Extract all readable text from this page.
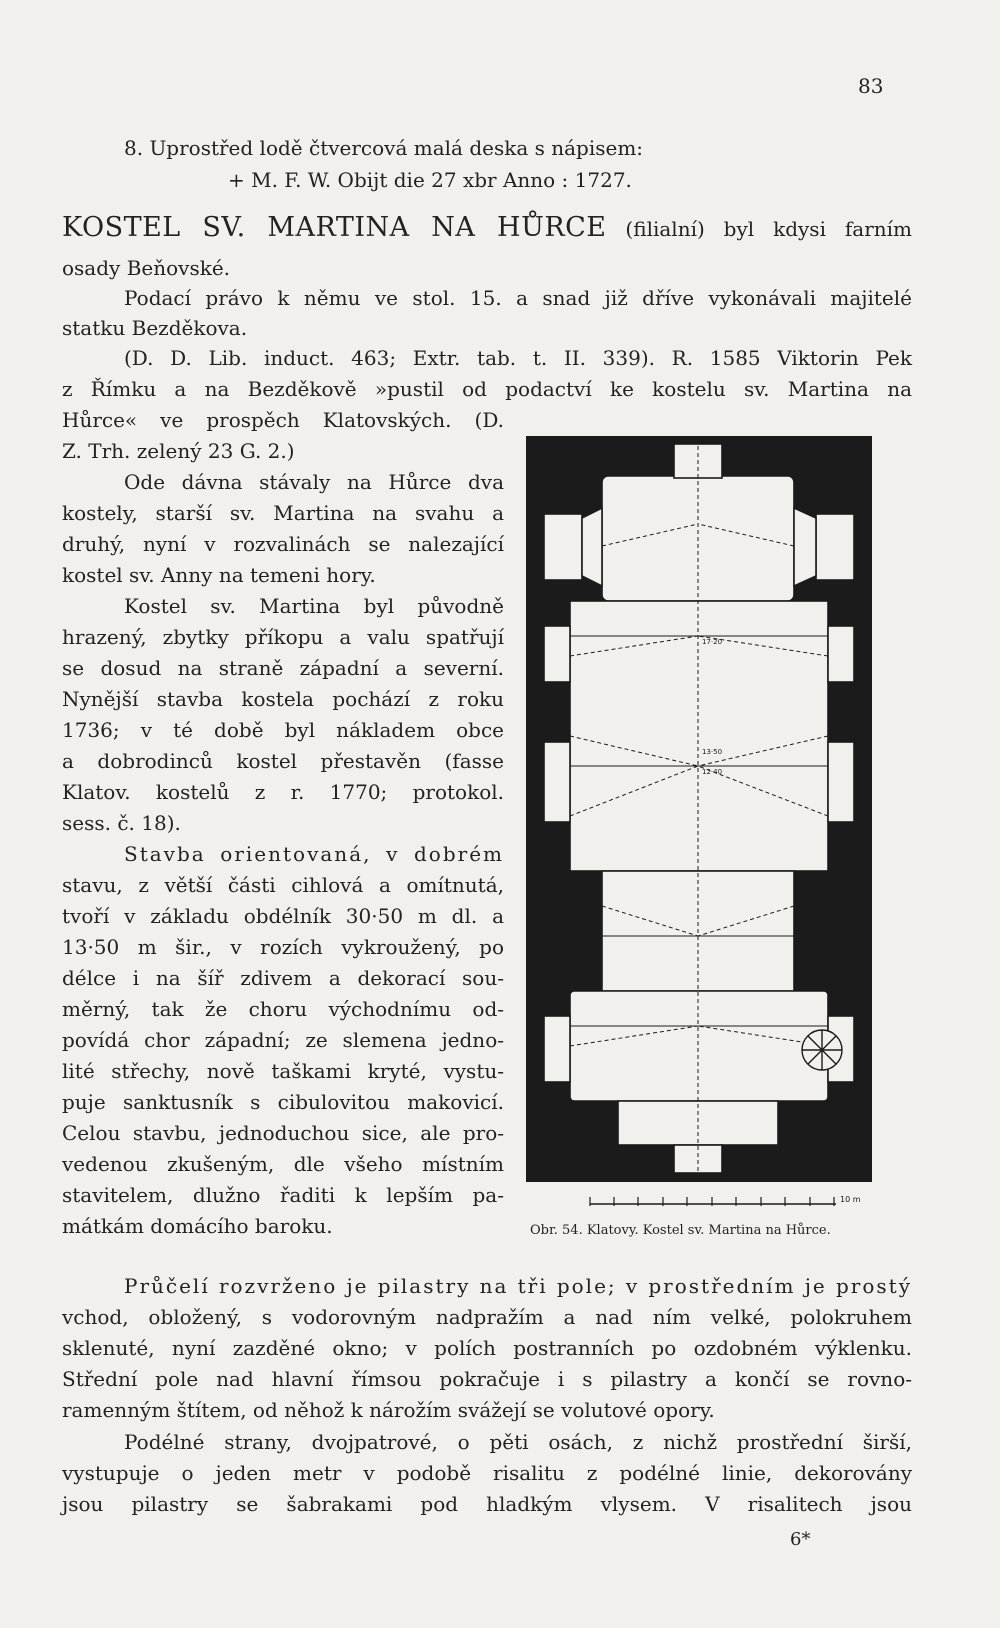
83
8. Uprostřed lodě čtvercová malá deska s nápisem:
+ M. F. W. Obijt die 27 xbr Anno : 1727.
KOSTEL SV. MARTINA NA HŮRCE (filialní) byl kdysi farním
osady Beňovské.
Podací právo k němu ve stol. 15. a snad již dříve vykonávali majitelé
statku Bezděkova.
(D. D. Lib. induct. 463; Extr. tab. t. II. 339). R. 1585 Viktorin Pek
z Římku a na Bezděkově »pustil od podactví ke kostelu sv. Martina na
Hůrce« ve prospěch Klatovských. (D.
Z. Trh. zelený 23 G. 2.)
Ode dávna stávaly na Hůrce dva
kostely, starší sv. Martina na svahu a
druhý, nyní v rozvalinách se nalezající
kostel sv. Anny na temeni hory.
Kostel sv. Martina byl původně
hrazený, zbytky příkopu a valu spatřují
se dosud na straně západní a severní.
Nynější stavba kostela pochází z roku
1736; v té době byl nákladem obce
a dobrodinců kostel přestavěn (fasse
Klatov. kostelů z r. 1770; protokol.
sess. č. 18).
Stavba orientovaná, v dobrém
stavu, z větší části cihlová a omítnutá,
tvoří v základu obdélník 30·50 m dl. a
13·50 m šir., v rozích vykroužený, po
délce i na šíř zdivem a dekorací sou-
měrný, tak že choru východnímu od-
povídá chor západní; ze slemena jedno-
lité střechy, nově taškami kryté, vystu-
puje sanktusník s cibulovitou makovicí.
Celou stavbu, jednoduchou sice, ale pro-
vedenou zkušeným, dle všeho místním
stavitelem, dlužno řaditi k lepším pa-
mátkám domácího baroku.
Průčelí rozvrženo je pilastry na tři pole; v prostředním je prostý
vchod, obložený, s vodorovným nadpražím a nad ním velké, polokruhem
sklenuté, nyní zazděné okno; v polích postranních po ozdobném výklenku.
Střední pole nad hlavní římsou pokračuje i s pilastry a končí se rovno-
ramenným štítem, od něhož k nárožím svážejí se volutové opory.
Podélné strany, dvojpatrové, o pěti osách, z nichž prostřední širší,
vystupuje o jeden metr v podobě risalitu z podélné linie, dekorovány
jsou pilastry se šabrakami pod hladkým vlysem. V risalitech jsou
17·20
13·50
12·40
10 m
Obr. 54. Klatovy. Kostel sv. Martina na Hůrce.
6*
